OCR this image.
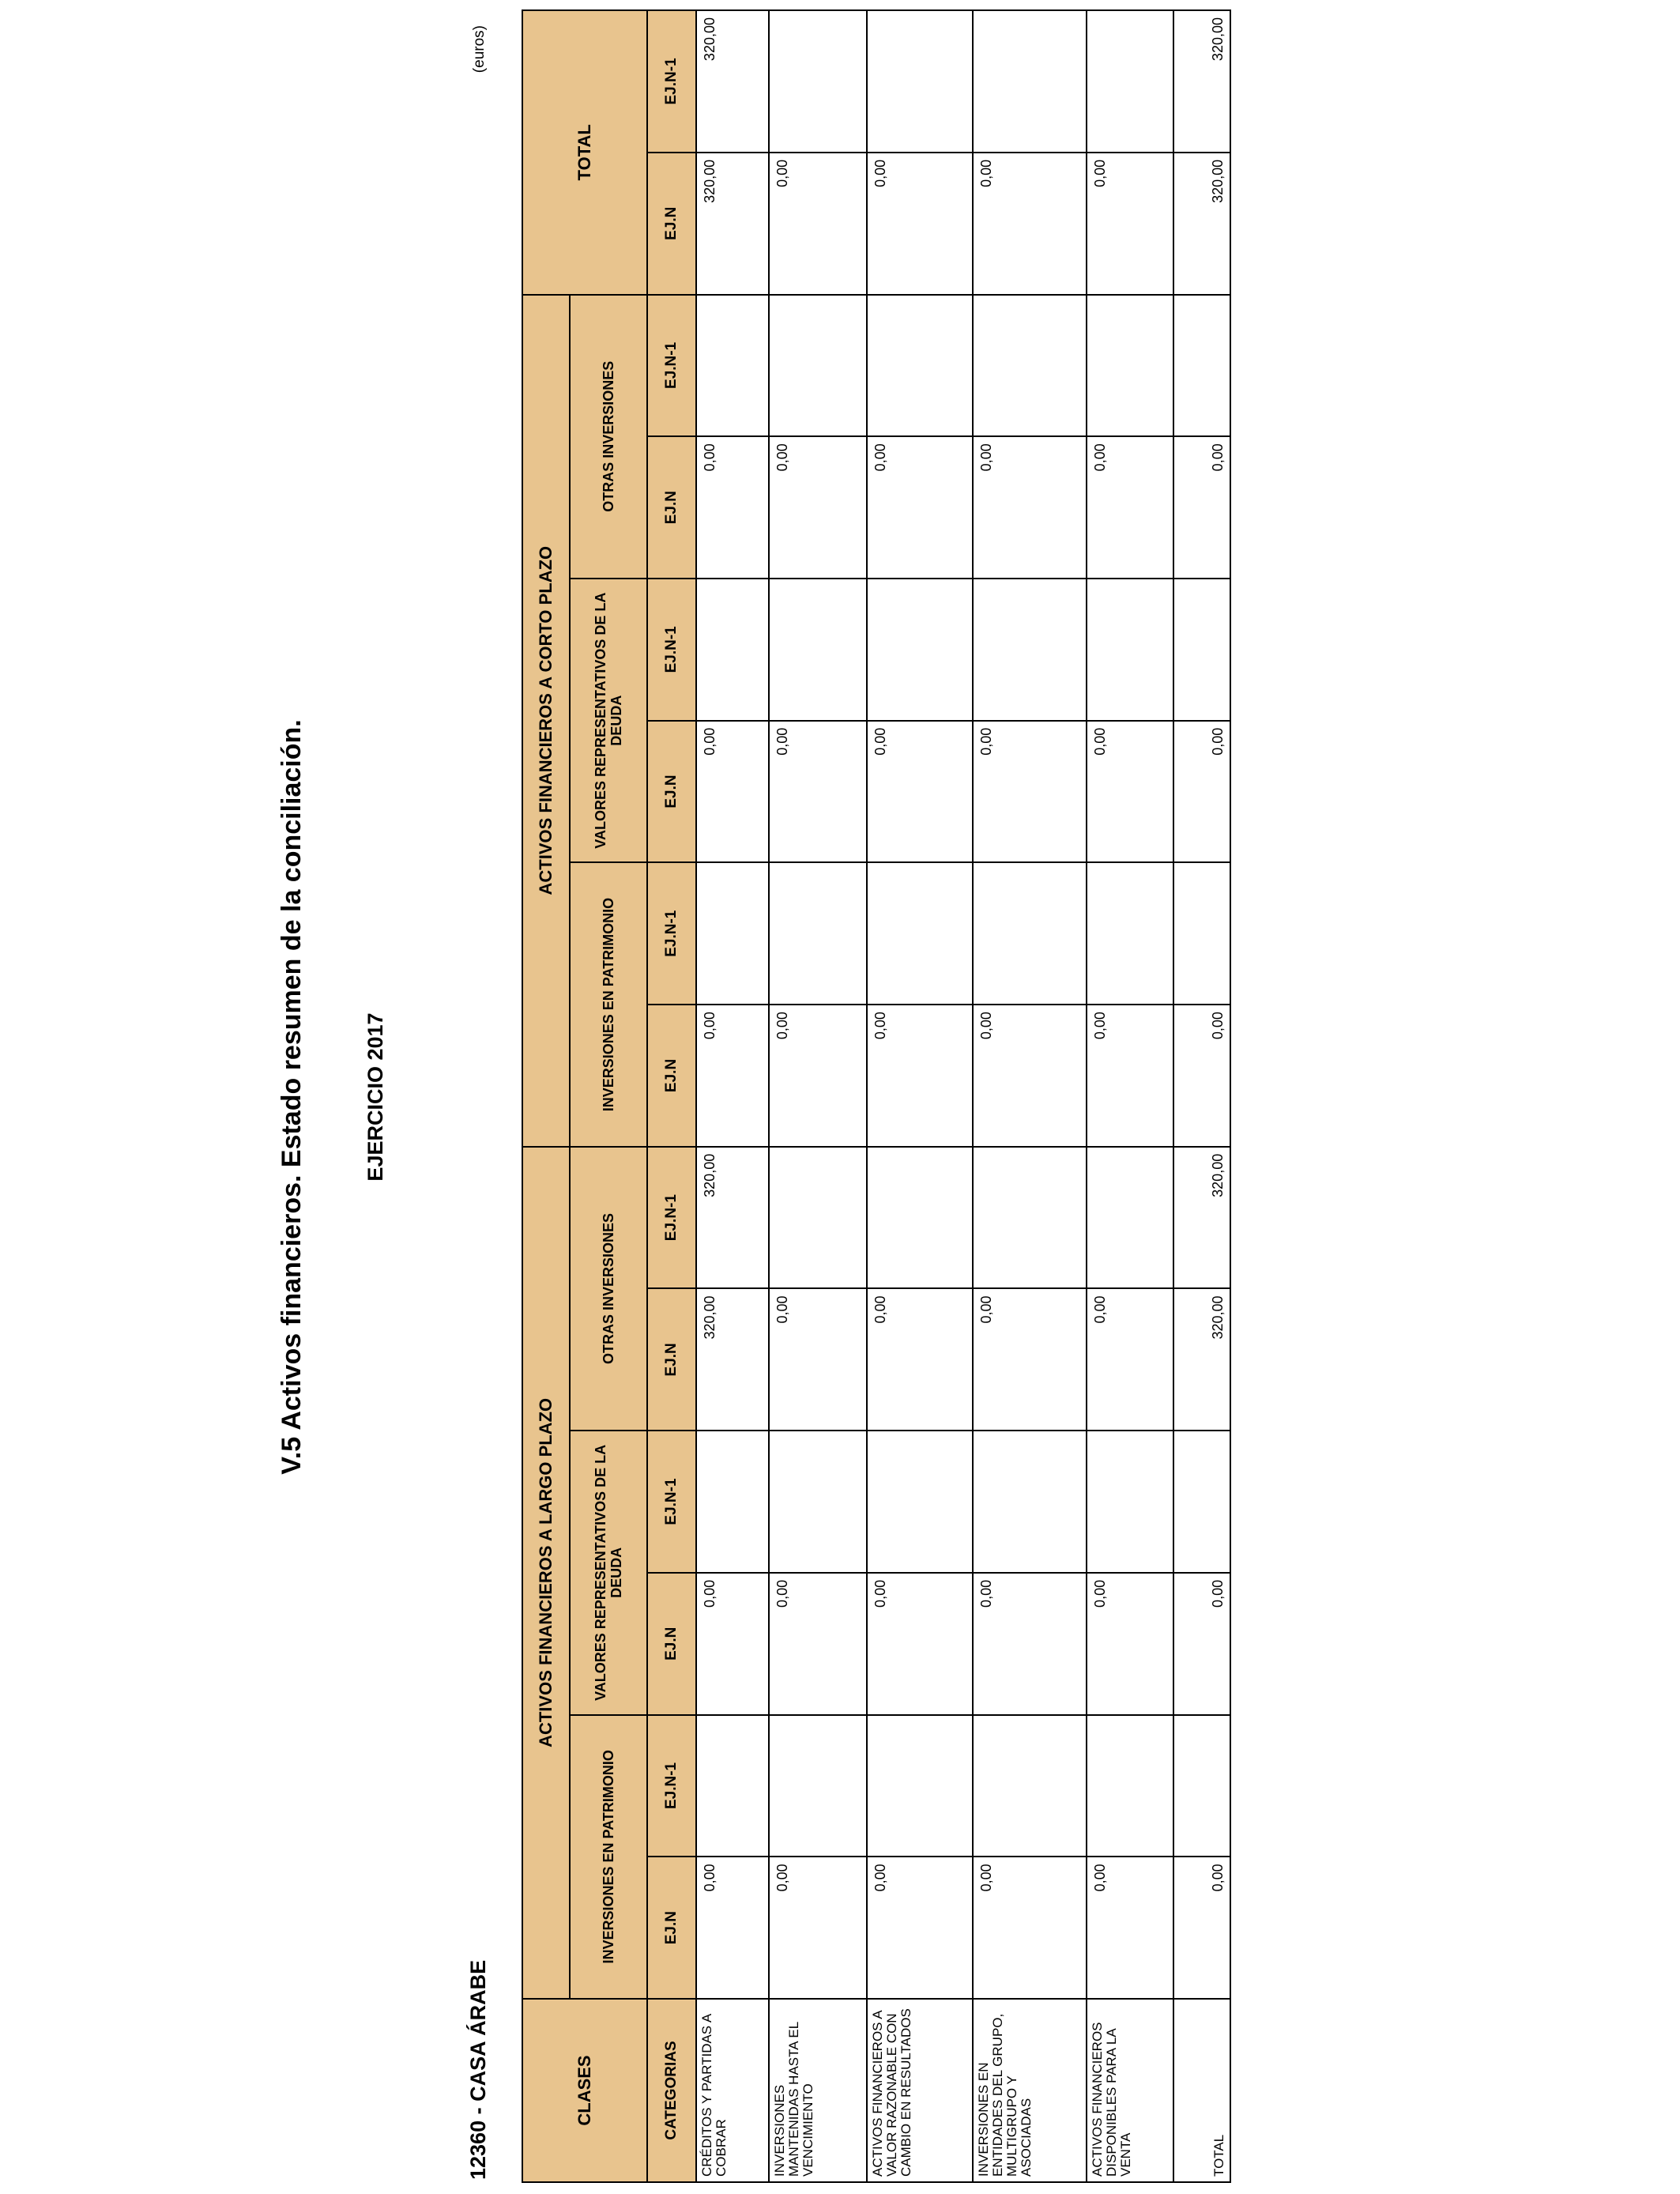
V.5 Activos financieros. Estado resumen de la conciliación.	EJERCICIO 2017
12360 - CASA ÁRABE
(euros)
CLASES	ACTIVOS FINANCIEROS A LARGO PLAZO						ACTIVOS FINANCIEROS A CORTO PLAZO						TOTAL	
	INVERSIONES EN PATRIMONIO		VALORES REPRESENTATIVOS DE LA DEUDA		OTRAS INVERSIONES		INVERSIONES EN PATRIMONIO		VALORES REPRESENTATIVOS DE LA DEUDA		OTRAS INVERSIONES			
CATEGORIAS	EJ.N	EJ.N-1	EJ.N	EJ.N-1	EJ.N	EJ.N-1	EJ.N	EJ.N-1	EJ.N	EJ.N-1	EJ.N	EJ.N-1	EJ.N	EJ.N-1
CRÉDITOS Y PARTIDAS A COBRAR	0,00		0,00		320,00	320,00	0,00		0,00		0,00		320,00	320,00
INVERSIONES MANTENIDAS HASTA EL VENCIMIENTO	0,00		0,00		0,00		0,00		0,00		0,00		0,00	
ACTIVOS FINANCIEROS A VALOR RAZONABLE CON CAMBIO EN RESULTADOS	0,00		0,00		0,00		0,00		0,00		0,00		0,00	
INVERSIONES EN ENTIDADES DEL GRUPO, MULTIGRUPO Y ASOCIADAS	0,00		0,00		0,00		0,00		0,00		0,00		0,00	
ACTIVOS FINANCIEROS DISPONIBLES PARA LA VENTA	0,00		0,00		0,00		0,00		0,00		0,00		0,00	
TOTAL	0,00		0,00		320,00	320,00	0,00		0,00		0,00		320,00	320,00
